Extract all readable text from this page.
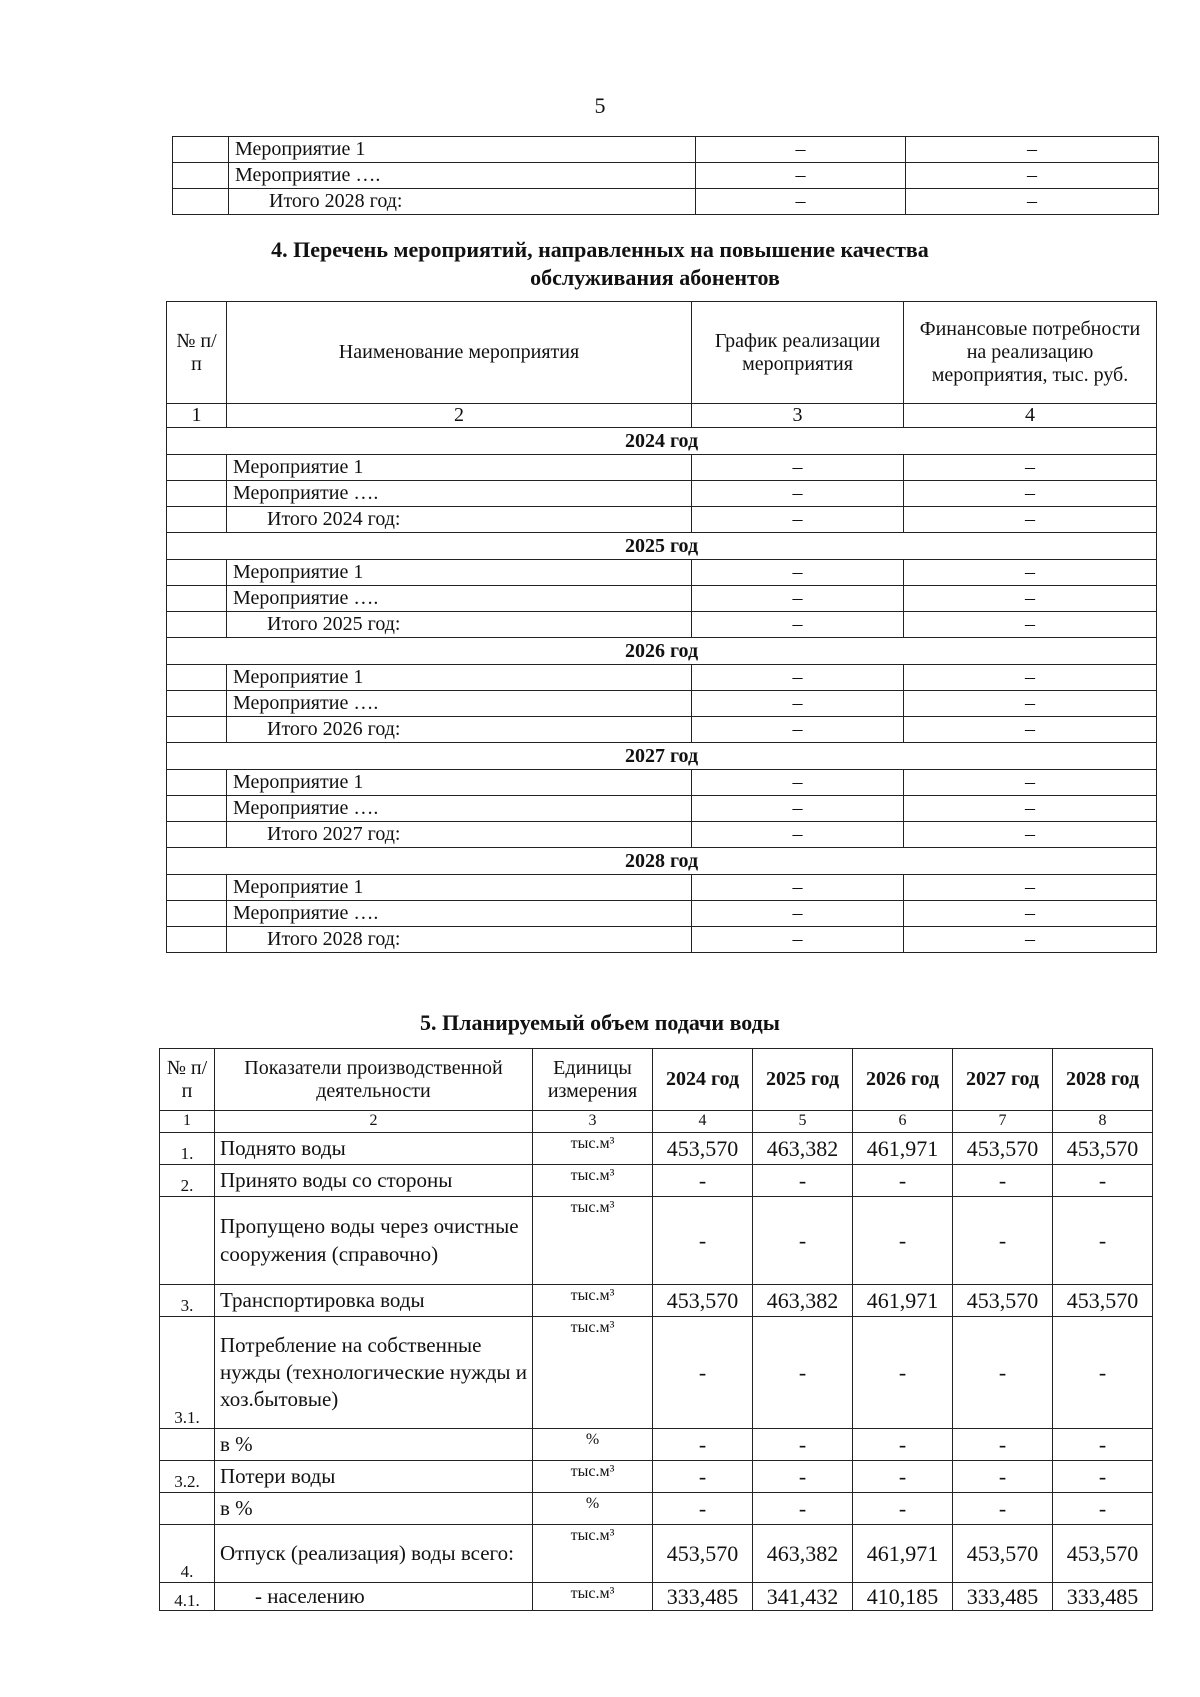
5
	Мероприятие 1	–	–
	Мероприятие ….	–	–
	Итого 2028 год:	–	–
4. Перечень мероприятий, направленных на повышение качества
обслуживания абонентов
№ п/п	Наименование мероприятия	График реализации мероприятия	Финансовые потребности на реализацию мероприятия, тыс. руб.
1	2	3	4
2024 год			
	Мероприятие 1	–	–
	Мероприятие ….	–	–
	Итого 2024 год:	–	–
2025 год			
	Мероприятие 1	–	–
	Мероприятие ….	–	–
	Итого 2025 год:	–	–
2026 год			
	Мероприятие 1	–	–
	Мероприятие ….	–	–
	Итого 2026 год:	–	–
2027 год			
	Мероприятие 1	–	–
	Мероприятие ….	–	–
	Итого 2027 год:	–	–
2028 год			
	Мероприятие 1	–	–
	Мероприятие ….	–	–
	Итого 2028 год:	–	–
5. Планируемый объем подачи воды
№ п/п	Показатели производственной деятельности	Единицы измерения	2024 год	2025 год	2026 год	2027 год	2028 год
1	2	3	4	5	6	7	8
1.	Поднято воды	тыс.м³	453,570	463,382	461,971	453,570	453,570
2.	Принято воды со стороны	тыс.м³	-	-	-	-	-
	Пропущено воды через очистные сооружения (справочно)	тыс.м³	-	-	-	-	-
3.	Транспортировка воды	тыс.м³	453,570	463,382	461,971	453,570	453,570
3.1.	Потребление на собственные нужды (технологические нужды и хоз.бытовые)	тыс.м³	-	-	-	-	-
	в %	%	-	-	-	-	-
3.2.	Потери воды	тыс.м³	-	-	-	-	-
	в %	%	-	-	-	-	-
4.	Отпуск (реализация) воды всего:	тыс.м³	453,570	463,382	461,971	453,570	453,570
4.1.	- населению	тыс.м³	333,485	341,432	410,185	333,485	333,485
